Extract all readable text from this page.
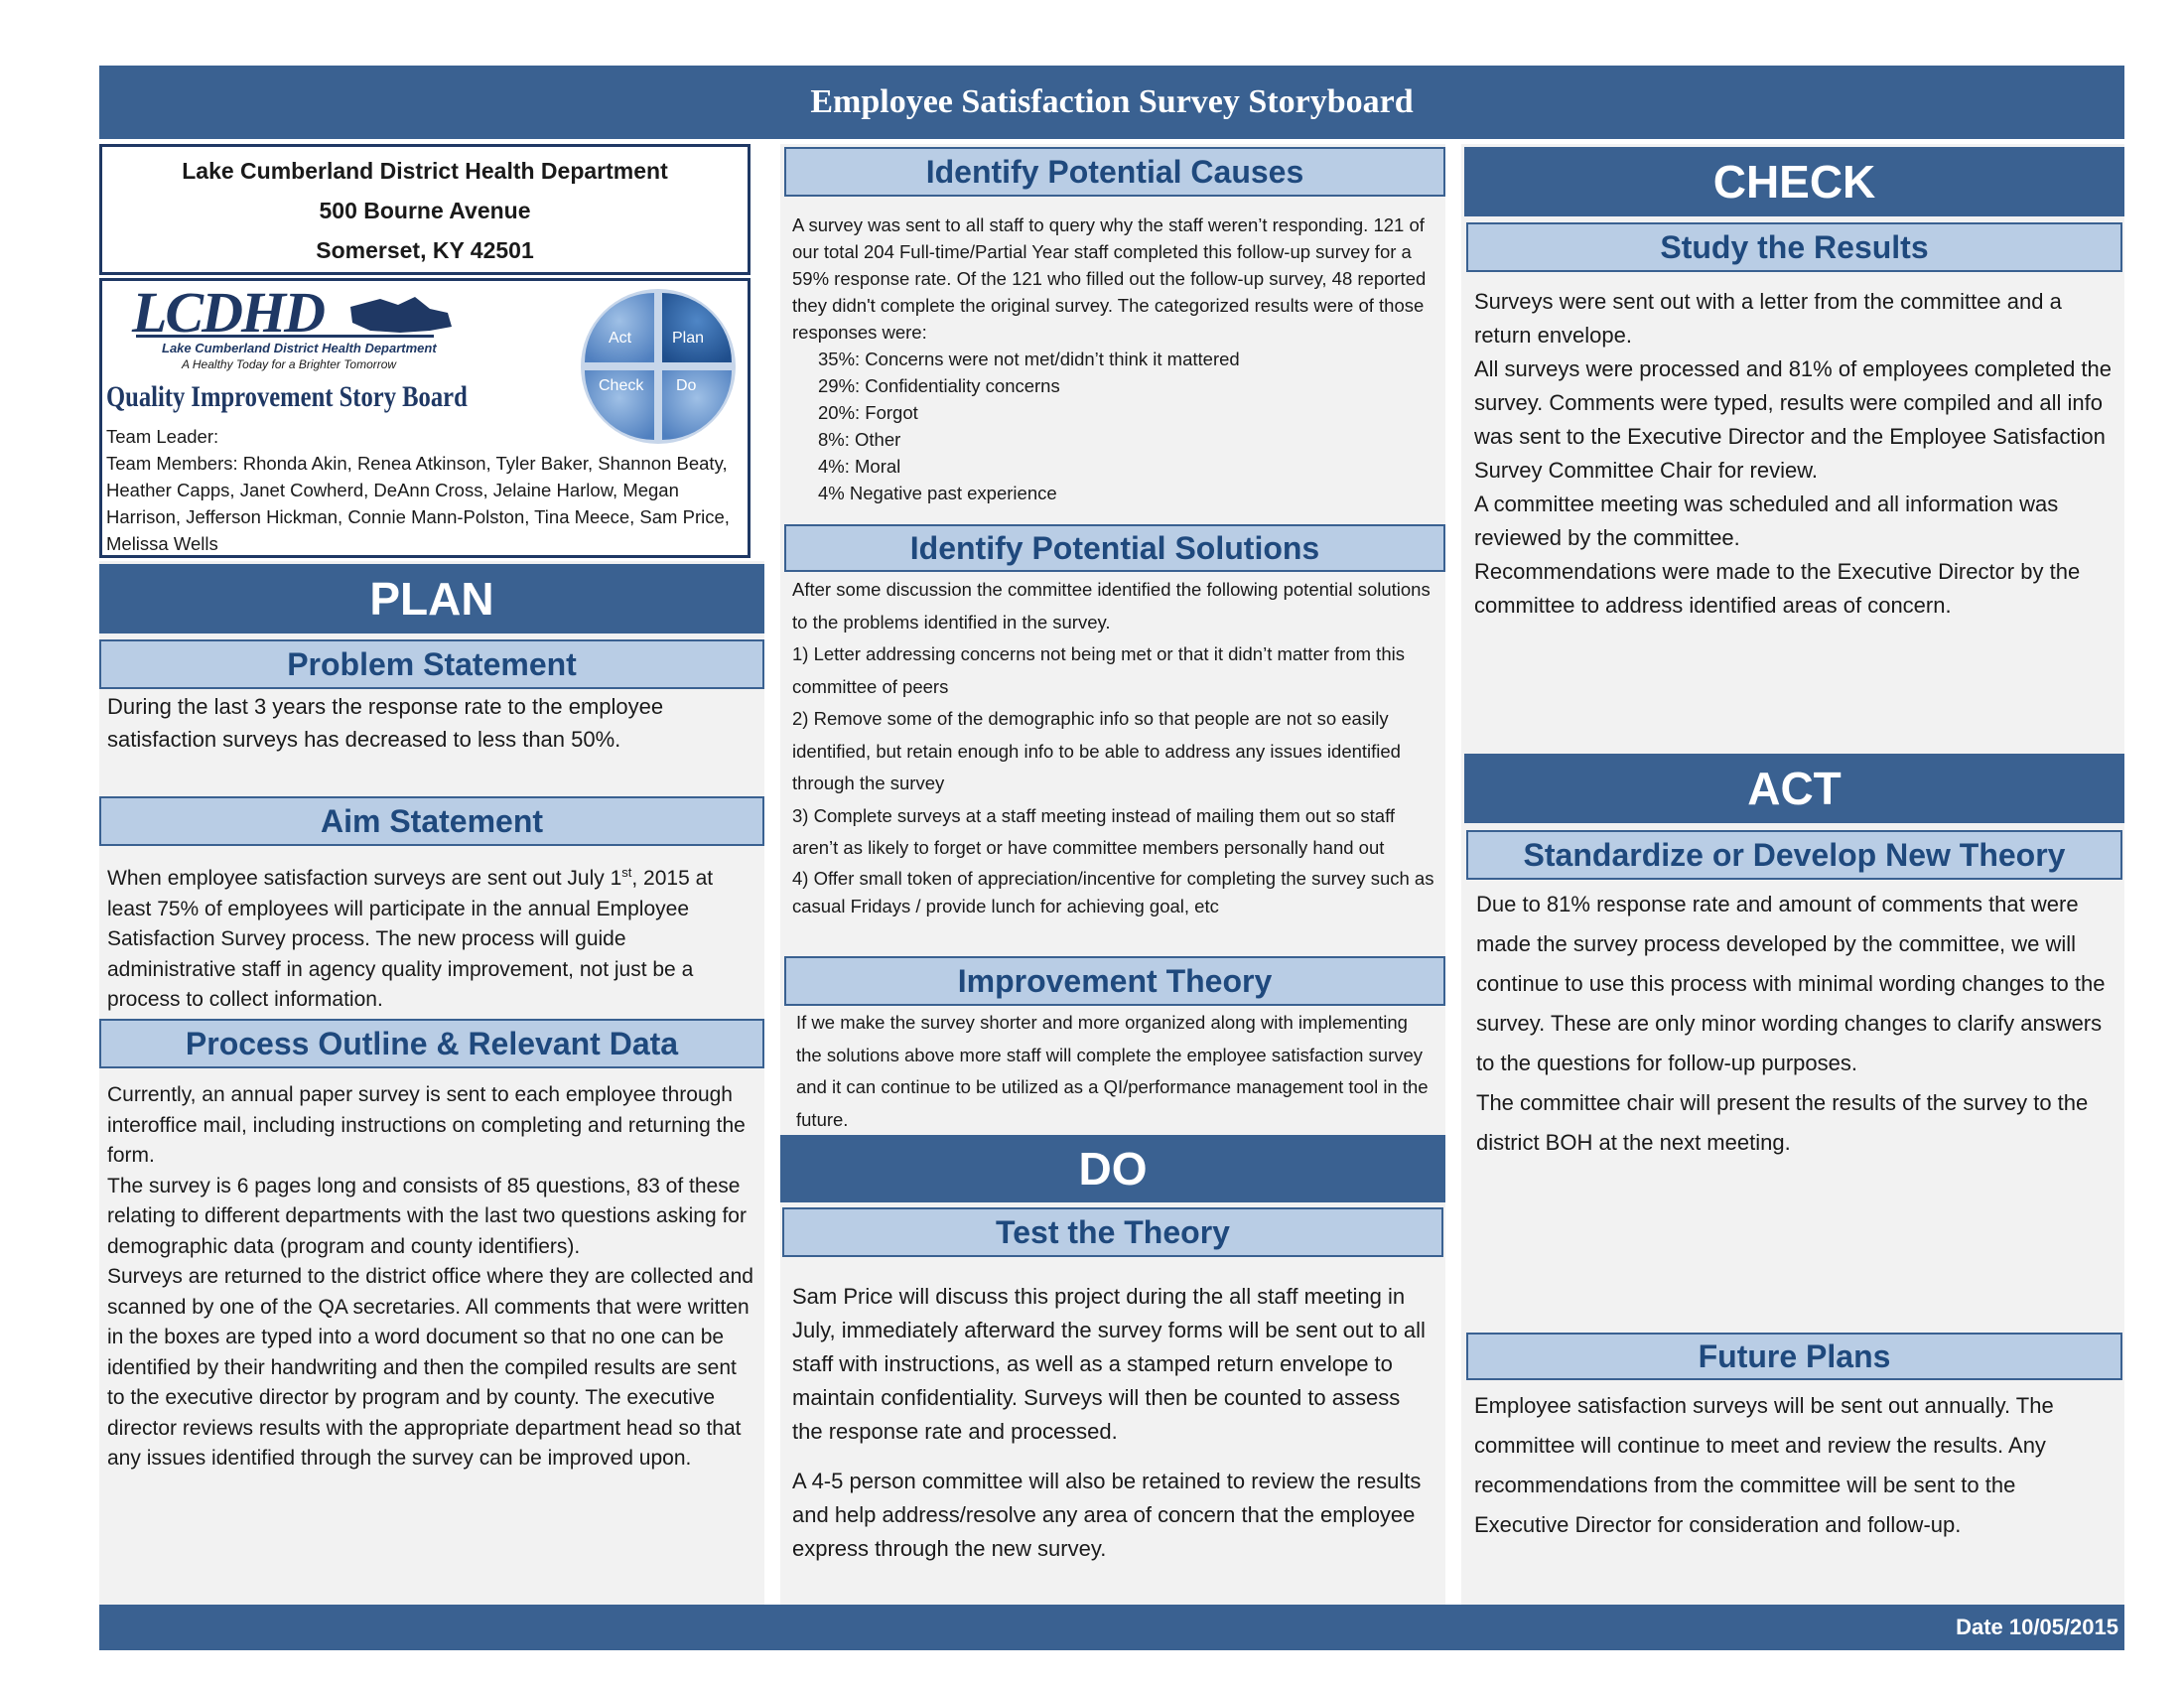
Employee Satisfaction Survey Storyboard
Lake Cumberland District Health Department
500 Bourne Avenue
Somerset, KY 42501
LCDHD
Lake Cumberland District Health Department
A Healthy Today for a Brighter Tomorrow
Act	Plan
Check Do
Quality Improvement Story Board

Team Leader:

Team Members: Rhonda Akin, Renea Atkinson, Tyler Baker, Shannon Beaty, Heather Capps, Janet Cowherd, DeAnn Cross, Jelaine Harlow, Megan Harrison, Jefferson Hickman, Connie Mann-Polston, Tina Meece, Sam Price, Melissa Wells

PLAN
Problem Statement

During the last 3 years the response rate to the employee satisfaction surveys has decreased to less than 50%.

Aim Statement

When employee satisfaction surveys are sent out July 1st, 2015 at least 75% of employees will participate in the annual Employee Satisfaction Survey process. The new process will guide administrative staff in agency quality improvement, not just be a process to collect information.

Process Outline & Relevant Data

Currently, an annual paper survey is sent to each employee through interoffice mail, including instructions on completing and returning the form.

The survey is 6 pages long and consists of 85 questions, 83 of these relating to different departments with the last two questions asking for demographic data (program and county identifiers).

Surveys are returned to the district office where they are collected and scanned by one of the QA secretaries. All comments that were written in the boxes are typed into a word document so that no one can be identified by their handwriting and then the compiled results are sent to the executive director by program and by county. The executive director reviews results with the appropriate department head so that any issues identified through the survey can be improved upon.

Identify Potential Causes

A survey was sent to all staff to query why the staff weren’t responding. 121 of our total 204 Full-time/Partial Year staff completed this follow-up survey for a 59% response rate. Of the 121 who filled out the follow-up survey, 48 reported they didn't complete the original survey. The categorized results were of those responses were:

35%: Concerns were not met/didn’t think it mattered

29%: Confidentiality concerns

20%: Forgot

8%: Other

4%: Moral

4% Negative past experience

Identify Potential Solutions

After some discussion the committee identified the following potential solutions to the problems identified in the survey.

1) Letter addressing concerns not being met or that it didn’t matter from this committee of peers

2) Remove some of the demographic info so that people are not so easily identified, but retain enough info to be able to address any issues identified through the survey

3) Complete surveys at a staff meeting instead of mailing them out so staff aren’t as likely to forget or have committee members personally hand out

4) Offer small token of appreciation/incentive for completing the survey such as casual Fridays / provide lunch for achieving goal, etc

Improvement Theory

If we make the survey shorter and more organized along with implementing the solutions above more staff will complete the employee satisfaction survey and it can continue to be utilized as a QI/performance management tool in the future.

DO
Test the Theory

Sam Price will discuss this project during the all staff meeting in July, immediately afterward the survey forms will be sent out to all staff with instructions, as well as a stamped return envelope to maintain confidentiality. Surveys will then be counted to assess the response rate and processed.

A 4-5 person committee will also be retained to review the results and help address/resolve any area of concern that the employee express through the new survey.

CHECK
Study the Results

Surveys were sent out with a letter from the committee and a return envelope.

All surveys were processed and 81% of employees completed the survey. Comments were typed, results were compiled and all info was sent to the Executive Director and the Employee Satisfaction Survey Committee Chair for review.

A committee meeting was scheduled and all information was reviewed by the committee.

Recommendations were made to the Executive Director by the committee to address identified areas of concern.

ACT
Standardize or Develop New Theory

Due to 81% response rate and amount of comments that were made the survey process developed by the committee, we will continue to use this process with minimal wording changes to the survey. These are only minor wording changes to clarify answers to the questions for follow-up purposes.

The committee chair will present the results of the survey to the district BOH at the next meeting.

Future Plans

Employee satisfaction surveys will be sent out annually. The committee will continue to meet and review the results. Any recommendations from the committee will be sent to the Executive Director for consideration and follow-up.

Date 10/05/2015
